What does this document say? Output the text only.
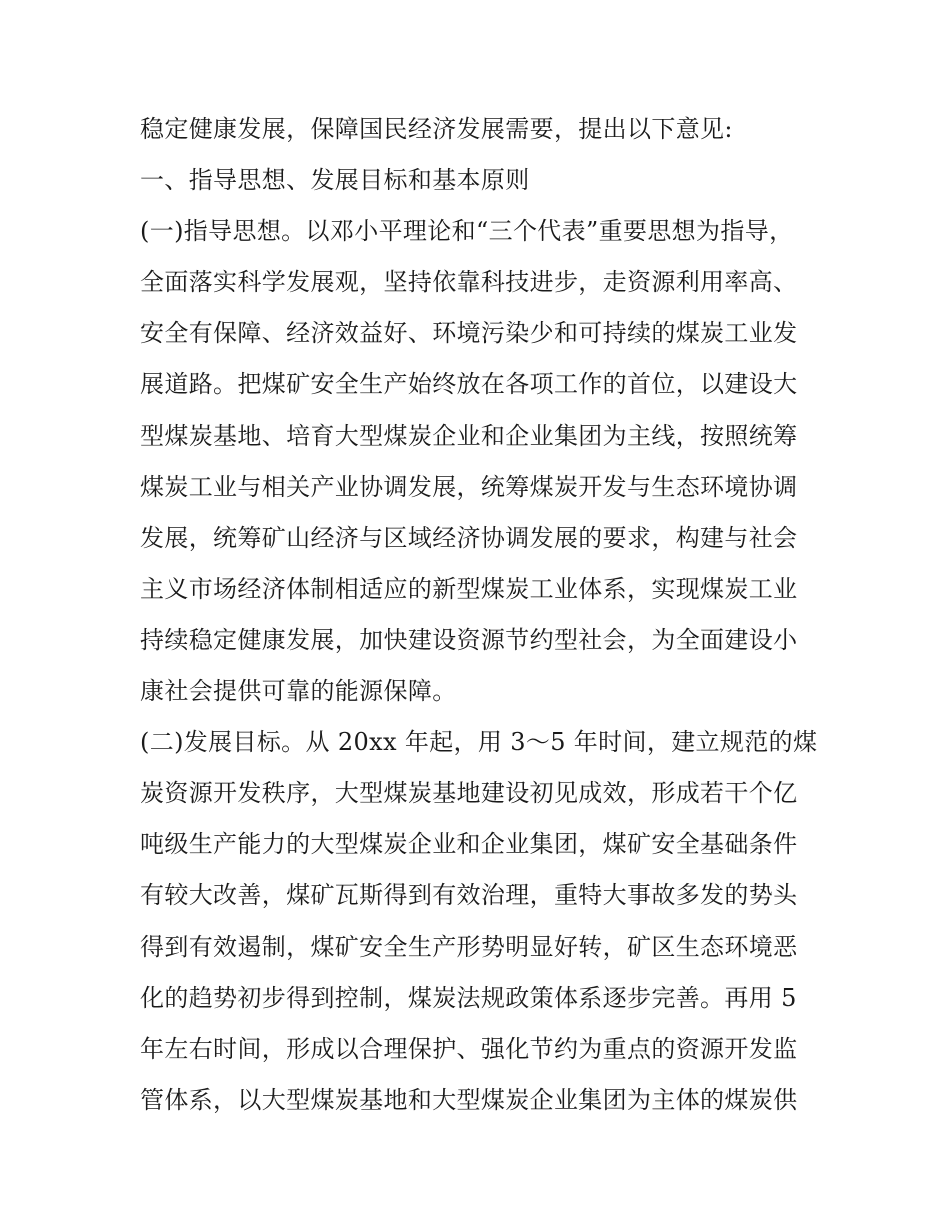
稳定健康发展，保障国民经济发展需要，提出以下意见:
一、指导思想、发展目标和基本原则
(一)指导思想。以邓小平理论和“三个代表”重要思想为指导，
全面落实科学发展观，坚持依靠科技进步，走资源利用率高、
安全有保障、经济效益好、环境污染少和可持续的煤炭工业发
展道路。把煤矿安全生产始终放在各项工作的首位，以建设大
型煤炭基地、培育大型煤炭企业和企业集团为主线，按照统筹
煤炭工业与相关产业协调发展，统筹煤炭开发与生态环境协调
发展，统筹矿山经济与区域经济协调发展的要求，构建与社会
主义市场经济体制相适应的新型煤炭工业体系，实现煤炭工业
持续稳定健康发展，加快建设资源节约型社会，为全面建设小
康社会提供可靠的能源保障。
(二)发展目标。从 20xx 年起，用 3～5 年时间，建立规范的煤
炭资源开发秩序，大型煤炭基地建设初见成效，形成若干个亿
吨级生产能力的大型煤炭企业和企业集团，煤矿安全基础条件
有较大改善，煤矿瓦斯得到有效治理，重特大事故多发的势头
得到有效遏制，煤矿安全生产形势明显好转，矿区生态环境恶
化的趋势初步得到控制，煤炭法规政策体系逐步完善。再用 5
年左右时间，形成以合理保护、强化节约为重点的资源开发监
管体系，以大型煤炭基地和大型煤炭企业集团为主体的煤炭供
